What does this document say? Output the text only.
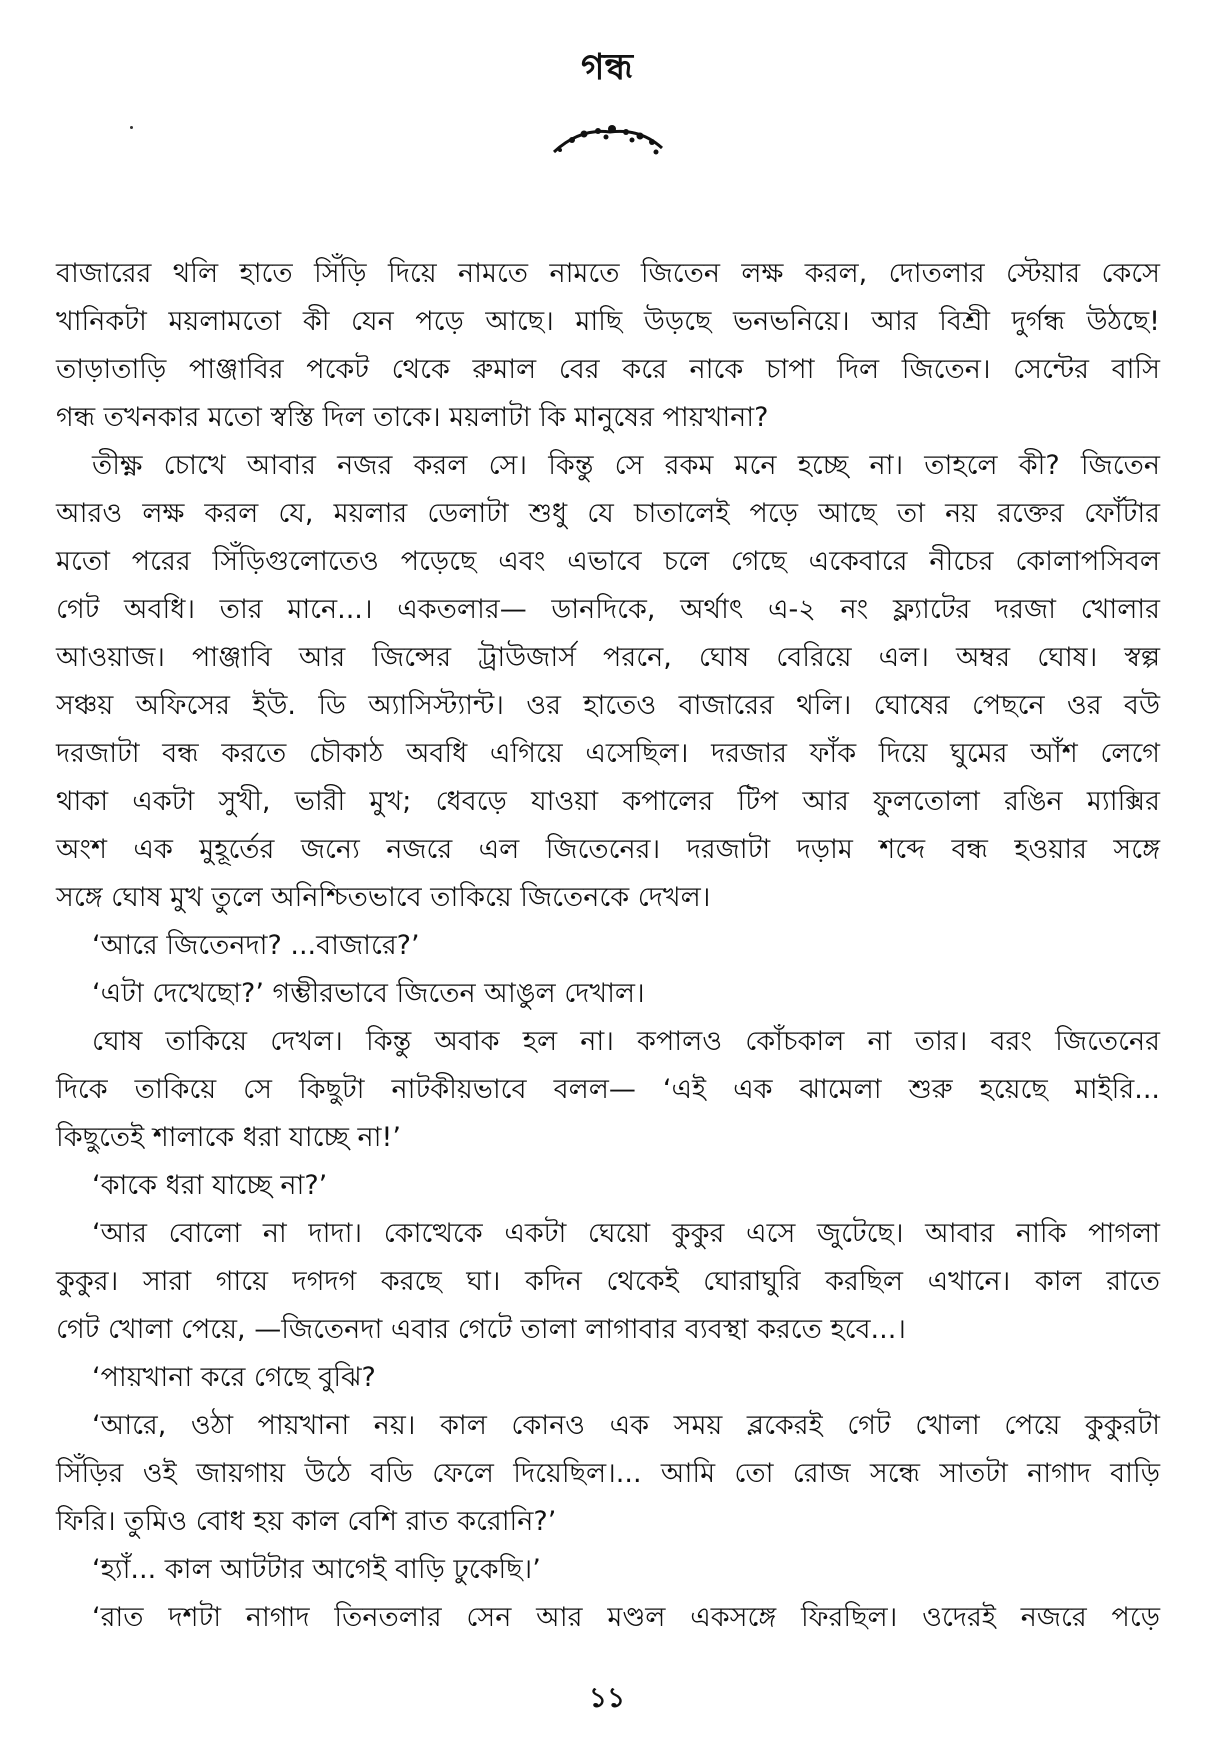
গন্ধ
বাজারের থলি হাতে সিঁড়ি দিয়ে নামতে নামতে জিতেন লক্ষ করল, দোতলার স্টেয়ার কেসে
খানিকটা ময়লামতো কী যেন পড়ে আছে। মাছি উড়ছে ভনভনিয়ে। আর বিশ্রী দুর্গন্ধ উঠছে!
তাড়াতাড়ি পাঞ্জাবির পকেট থেকে রুমাল বের করে নাকে চাপা দিল জিতেন। সেন্টের বাসি
গন্ধ তখনকার মতো স্বস্তি দিল তাকে। ময়লাটা কি মানুষের পায়খানা?
তীক্ষ্ণ চোখে আবার নজর করল সে। কিন্তু সে রকম মনে হচ্ছে না। তাহলে কী? জিতেন
আরও লক্ষ করল যে, ময়লার ডেলাটা শুধু যে চাতালেই পড়ে আছে তা নয় রক্তের ফোঁটার
মতো পরের সিঁড়িগুলোতেও পড়েছে এবং এভাবে চলে গেছে একেবারে নীচের কোলাপসিবল
গেট অবধি। তার মানে...। একতলার— ডানদিকে, অর্থাৎ এ-২ নং ফ্ল্যাটের দরজা খোলার
আওয়াজ। পাঞ্জাবি আর জিন্সের ট্রাউজার্স পরনে, ঘোষ বেরিয়ে এল। অম্বর ঘোষ। স্বল্প
সঞ্চয় অফিসের ইউ. ডি অ্যাসিস্ট্যান্ট। ওর হাতেও বাজারের থলি। ঘোষের পেছনে ওর বউ
দরজাটা বন্ধ করতে চৌকাঠ অবধি এগিয়ে এসেছিল। দরজার ফাঁক দিয়ে ঘুমের আঁশ লেগে
থাকা একটা সুখী, ভারী মুখ; ধেবড়ে যাওয়া কপালের টিপ আর ফুলতোলা রঙিন ম্যাক্সির
অংশ এক মুহূর্তের জন্যে নজরে এল জিতেনের। দরজাটা দড়াম শব্দে বন্ধ হওয়ার সঙ্গে
সঙ্গে ঘোষ মুখ তুলে অনিশ্চিতভাবে তাকিয়ে জিতেনকে দেখল।
‘আরে জিতেনদা? ...বাজারে?’
‘এটা দেখেছো?’ গম্ভীরভাবে জিতেন আঙুল দেখাল।
ঘোষ তাকিয়ে দেখল। কিন্তু অবাক হল না। কপালও কোঁচকাল না তার। বরং জিতেনের
দিকে তাকিয়ে সে কিছুটা নাটকীয়ভাবে বলল— ‘এই এক ঝামেলা শুরু হয়েছে মাইরি...
কিছুতেই শালাকে ধরা যাচ্ছে না!’
‘কাকে ধরা যাচ্ছে না?’
‘আর বোলো না দাদা। কোত্থেকে একটা ঘেয়ো কুকুর এসে জুটেছে। আবার নাকি পাগলা
কুকুর। সারা গায়ে দগদগ করছে ঘা। কদিন থেকেই ঘোরাঘুরি করছিল এখানে। কাল রাতে
গেট খোলা পেয়ে, —জিতেনদা এবার গেটে তালা লাগাবার ব্যবস্থা করতে হবে...।
‘পায়খানা করে গেছে বুঝি?
‘আরে, ওঠা পায়খানা নয়। কাল কোনও এক সময় ব্লকেরই গেট খোলা পেয়ে কুকুরটা
সিঁড়ির ওই জায়গায় উঠে বডি ফেলে দিয়েছিল।... আমি তো রোজ সন্ধে সাতটা নাগাদ বাড়ি
ফিরি। তুমিও বোধ হয় কাল বেশি রাত করোনি?’
‘হ্যাঁ... কাল আটটার আগেই বাড়ি ঢুকেছি।’
‘রাত দশটা নাগাদ তিনতলার সেন আর মণ্ডল একসঙ্গে ফিরছিল। ওদেরই নজরে পড়ে
১১
